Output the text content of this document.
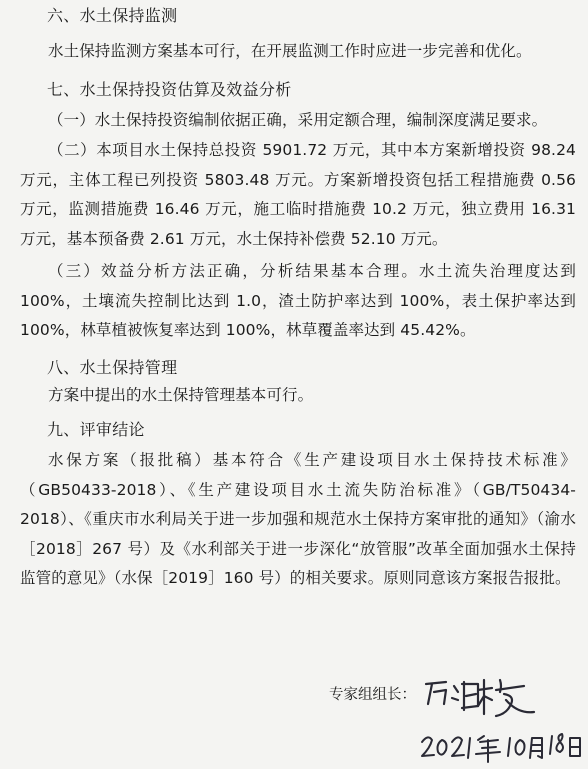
六、水土保持监测
水土保持监测方案基本可行，在开展监测工作时应进一步完善和优化。
七、水土保持投资估算及效益分析
（一）水土保持投资编制依据正确，采用定额合理，编制深度满足要求。
（二）本项目水土保持总投资 5901.72 万元，其中本方案新增投资 98.24 万元，主体工程已列投资 5803.48 万元。方案新增投资包括工程措施费 0.56 万元，监测措施费 16.46 万元，施工临时措施费 10.2 万元，独立费用 16.31 万元，基本预备费 2.61 万元，水土保持补偿费 52.10 万元。
（三）效益分析方法正确，分析结果基本合理。水土流失治理度达到 100%，土壤流失控制比达到 1.0，渣土防护率达到 100%，表土保护率达到 100%，林草植被恢复率达到 100%，林草覆盖率达到 45.42%。
八、水土保持管理
方案中提出的水土保持管理基本可行。
九、评审结论
水保方案（报批稿）基本符合《生产建设项目水土保持技术标准》（GB50433-2018）、《生产建设项目水土流失防治标准》（GB/T50434-2018）、《重庆市水利局关于进一步加强和规范水土保持方案审批的通知》（渝水［2018］267 号）及《水利部关于进一步深化“放管服”改革全面加强水土保持监管的意见》（水保［2019］160 号）的相关要求。原则同意该方案报告报批。
专家组组长：
